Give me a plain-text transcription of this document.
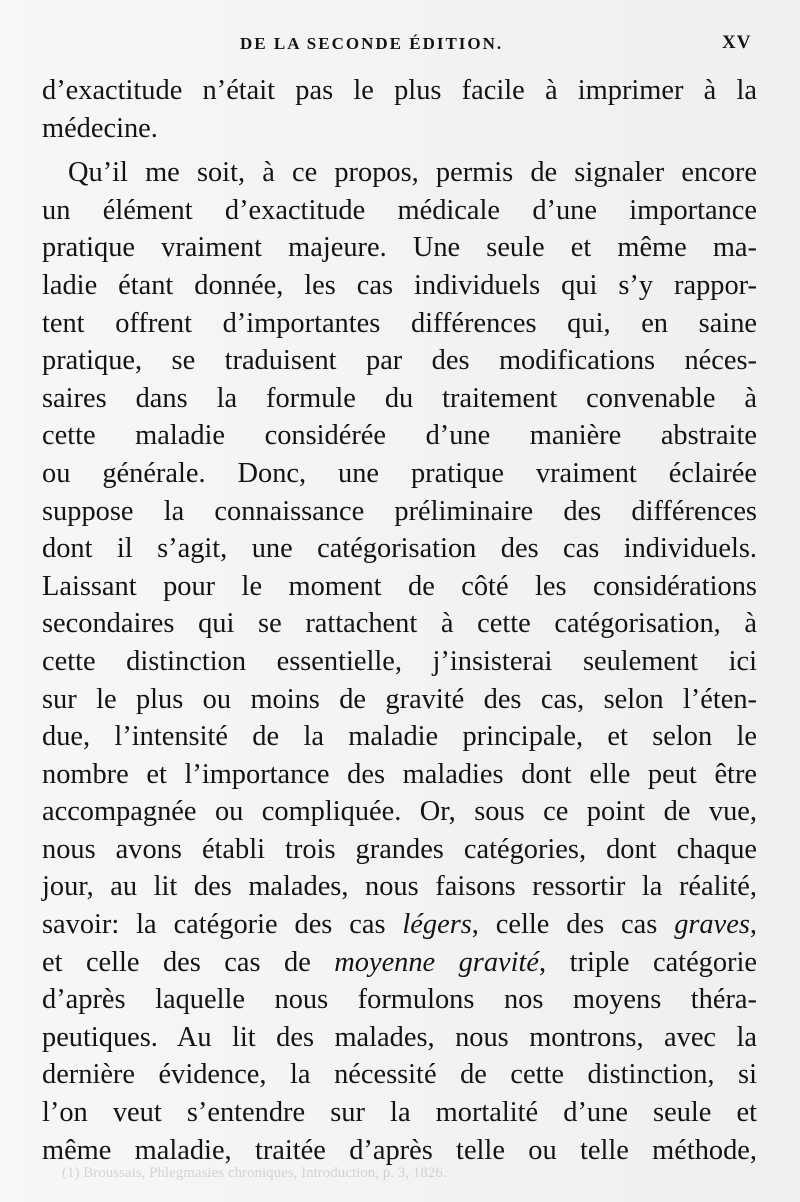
DE LA SECONDE ÉDITION.	XV
d’exactitude n’était pas le plus facile à imprimer à la
médecine.
Qu’il me soit, à ce propos, permis de signaler encore
un élément d’exactitude médicale d’une importance
pratique vraiment majeure. Une seule et même ma-
ladie étant donnée, les cas individuels qui s’y rappor-
tent offrent d’importantes différences qui, en saine
pratique, se traduisent par des modifications néces-
saires dans la formule du traitement convenable à
cette maladie considérée d’une manière abstraite
ou générale. Donc, une pratique vraiment éclairée
suppose la connaissance préliminaire des différences
dont il s’agit, une catégorisation des cas individuels.
Laissant pour le moment de côté les considérations
secondaires qui se rattachent à cette catégorisation, à
cette distinction essentielle, j’insisterai seulement ici
sur le plus ou moins de gravité des cas, selon l’éten-
due, l’intensité de la maladie principale, et selon le
nombre et l’importance des maladies dont elle peut être
accompagnée ou compliquée. Or, sous ce point de vue,
nous avons établi trois grandes catégories, dont chaque
jour, au lit des malades, nous faisons ressortir la réalité,
savoir: la catégorie des cas légers, celle des cas graves,
et celle des cas de moyenne gravité, triple catégorie
d’après laquelle nous formulons nos moyens théra-
peutiques. Au lit des malades, nous montrons, avec la
dernière évidence, la nécessité de cette distinction, si
l’on veut s’entendre sur la mortalité d’une seule et
même maladie, traitée d’après telle ou telle méthode,
(1) Broussais, Phlegmasies chroniques, Introduction, p. 3, 1826.
